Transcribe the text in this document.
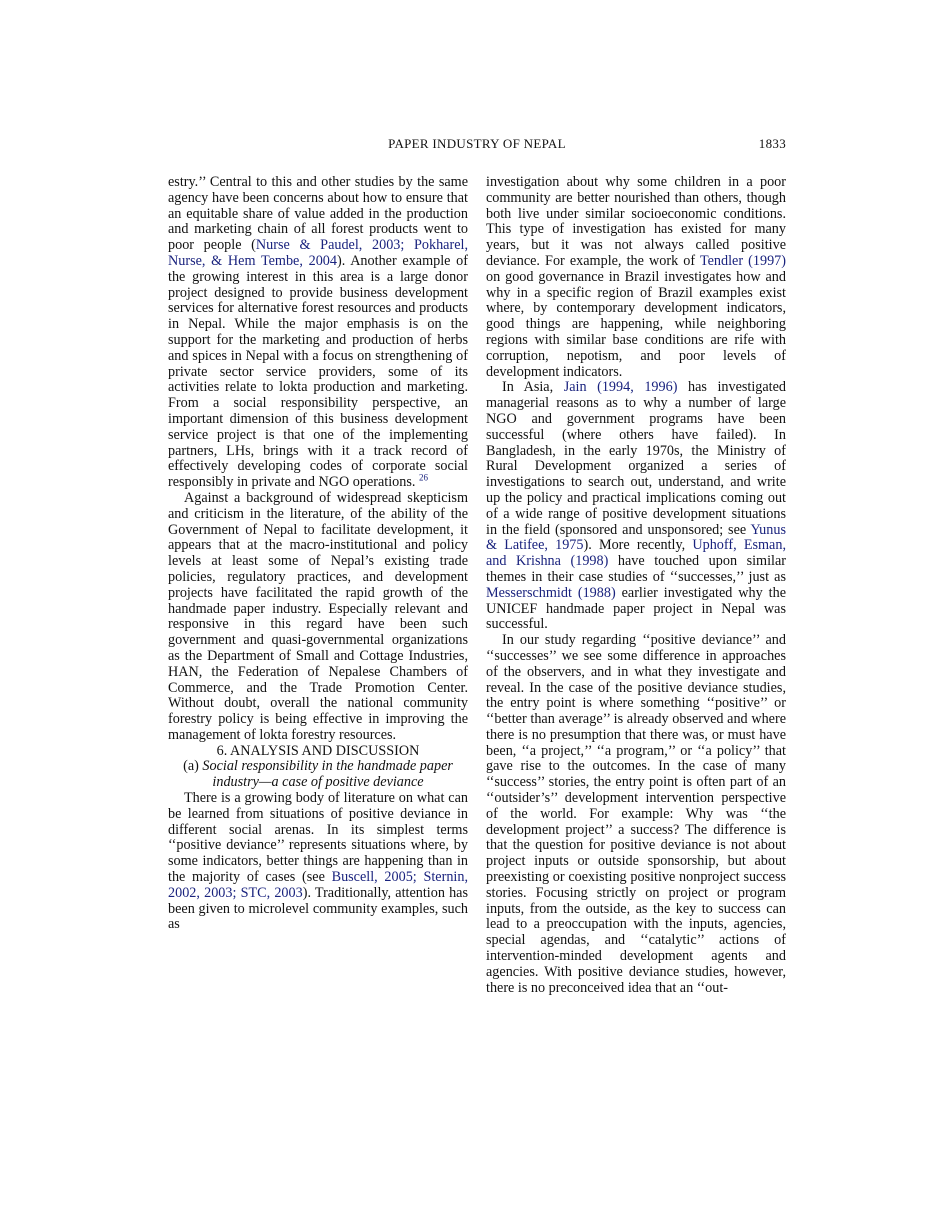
PAPER INDUSTRY OF NEPAL	1833

estry.’’ Central to this and other studies by the same agency have been concerns about how to ensure that an equitable share of value added in the production and marketing chain of all forest products went to poor people (Nurse & Paudel, 2003; Pokharel, Nurse, & Hem Tembe, 2004). Another example of the growing interest in this area is a large donor project designed to provide business development services for alternative forest resources and products in Nepal. While the major emphasis is on the support for the marketing and production of herbs and spices in Nepal with a focus on strengthening of private sector service providers, some of its activities relate to lokta production and marketing. From a social responsibility perspective, an important dimension of this business development service project is that one of the implementing partners, LHs, brings with it a track record of effectively developing codes of corporate social responsibly in private and NGO operations. $^{26}$

Against a background of widespread skepticism and criticism in the literature, of the ability of the Government of Nepal to facilitate development, it appears that at the macro-institutional and policy levels at least some of Nepal’s existing trade policies, regulatory practices, and development projects have facilitated the rapid growth of the handmade paper industry. Especially relevant and responsive in this regard have been such government and quasi-governmental organizations as the Department of Small and Cottage Industries, HAN, the Federation of Nepalese Chambers of Commerce, and the Trade Promotion Center. Without doubt, overall the national community forestry policy is being effective in improving the management of lokta forestry resources.

6. ANALYSIS AND DISCUSSION

(a) Social responsibility in the handmade paper industry—a case of positive deviance

There is a growing body of literature on what can be learned from situations of positive deviance in different social arenas. In its simplest terms ‘‘positive deviance’’ represents situations where, by some indicators, better things are happening than in the majority of cases (see Buscell, 2005; Sternin, 2002, 2003; STC, 2003). Traditionally, attention has been given to microlevel community examples, such as

investigation about why some children in a poor community are better nourished than others, though both live under similar socioeconomic conditions. This type of investigation has existed for many years, but it was not always called positive deviance. For example, the work of Tendler (1997) on good governance in Brazil investigates how and why in a specific region of Brazil examples exist where, by contemporary development indicators, good things are happening, while neighboring regions with similar base conditions are rife with corruption, nepotism, and poor levels of development indicators.

In Asia, Jain (1994, 1996) has investigated managerial reasons as to why a number of large NGO and government programs have been successful (where others have failed). In Bangladesh, in the early 1970s, the Ministry of Rural Development organized a series of investigations to search out, understand, and write up the policy and practical implications coming out of a wide range of positive development situations in the field (sponsored and unsponsored; see Yunus & Latifee, 1975). More recently, Uphoff, Esman, and Krishna (1998) have touched upon similar themes in their case studies of ‘‘successes,’’ just as Messerschmidt (1988) earlier investigated why the UNICEF handmade paper project in Nepal was successful.

In our study regarding ‘‘positive deviance’’ and ‘‘successes’’ we see some difference in approaches of the observers, and in what they investigate and reveal. In the case of the positive deviance studies, the entry point is where something ‘‘positive’’ or ‘‘better than average’’ is already observed and where there is no presumption that there was, or must have been, ‘‘a project,’’ ‘‘a program,’’ or ‘‘a policy’’ that gave rise to the outcomes. In the case of many ‘‘success’’ stories, the entry point is often part of an ‘‘outsider’s’’ development intervention perspective of the world. For example: Why was ‘‘the development project’’ a success? The difference is that the question for positive deviance is not about project inputs or outside sponsorship, but about preexisting or coexisting positive nonproject success stories. Focusing strictly on project or program inputs, from the outside, as the key to success can lead to a preoccupation with the inputs, agencies, special agendas, and ‘‘catalytic’’ actions of intervention-minded development agents and agencies. With positive deviance studies, however, there is no preconceived idea that an ‘‘out-
